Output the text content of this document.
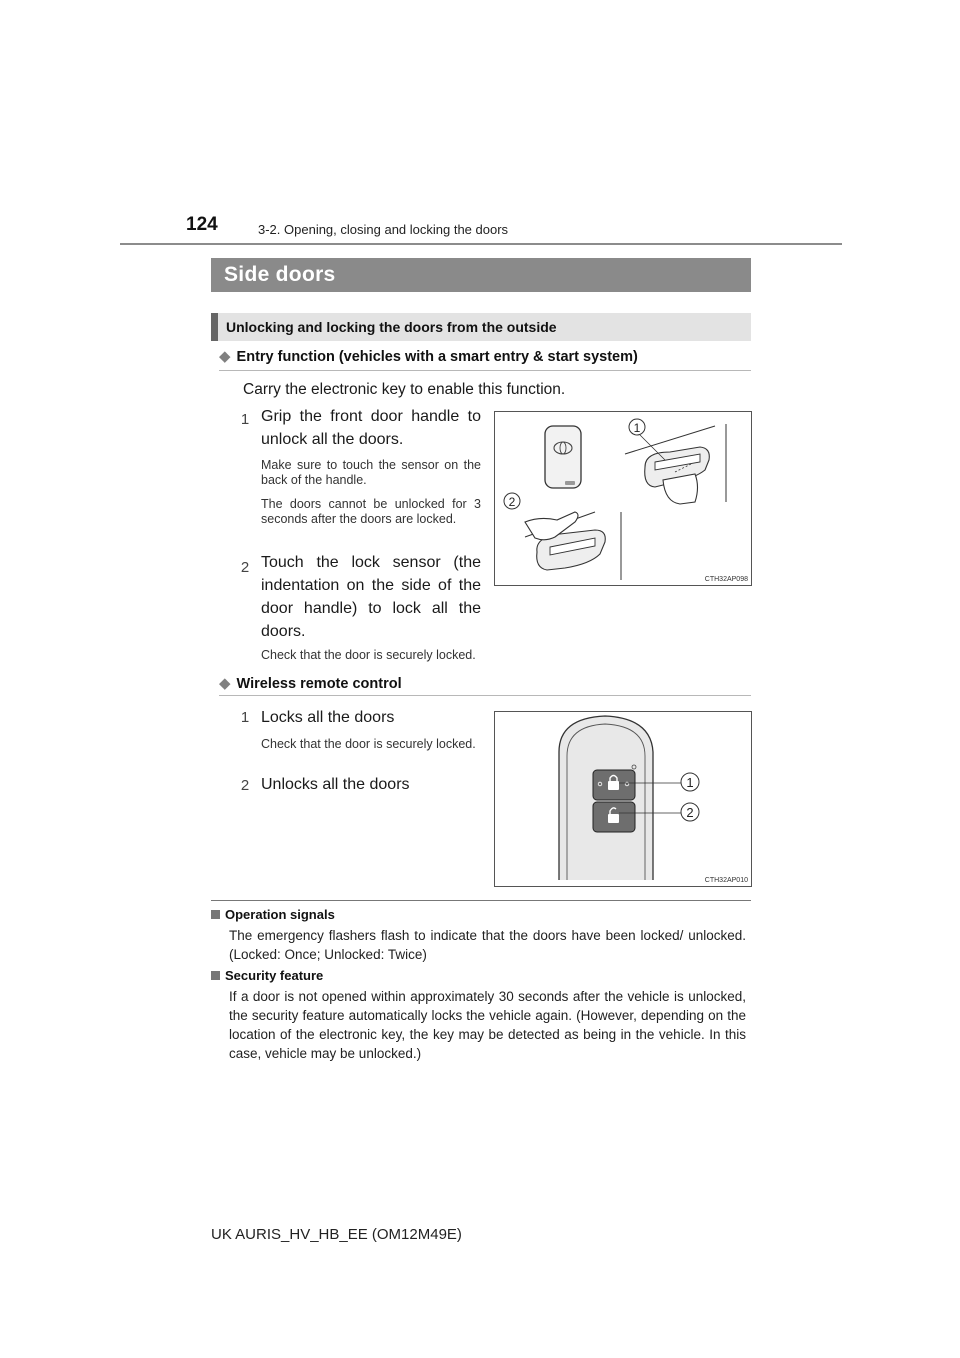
124	3-2. Opening, closing and locking the doors
Side doors
Unlocking and locking the doors from the outside
◆ Entry function (vehicles with a smart entry & start system)
Carry the electronic key to enable this function.
1 Grip the front door handle to unlock all the doors.
Make sure to touch the sensor on the back of the handle.
The doors cannot be unlocked for 3 seconds after the doors are locked.
2 Touch the lock sensor (the indentation on the side of the door handle) to lock all the doors.
Check that the door is securely locked.
1
2
CTH32AP098
◆ Wireless remote control
1 Locks all the doors
Check that the door is securely locked.
2 Unlocks all the doors	1
2
CTH32AP010
Operation signals
The emergency flashers flash to indicate that the doors have been locked/ unlocked. (Locked: Once; Unlocked: Twice)
Security feature
If a door is not opened within approximately 30 seconds after the vehicle is unlocked, the security feature automatically locks the vehicle again. (However, depending on the location of the electronic key, the key may be detected as being in the vehicle. In this case, vehicle may be unlocked.)
UK AURIS_HV_HB_EE (OM12M49E)
